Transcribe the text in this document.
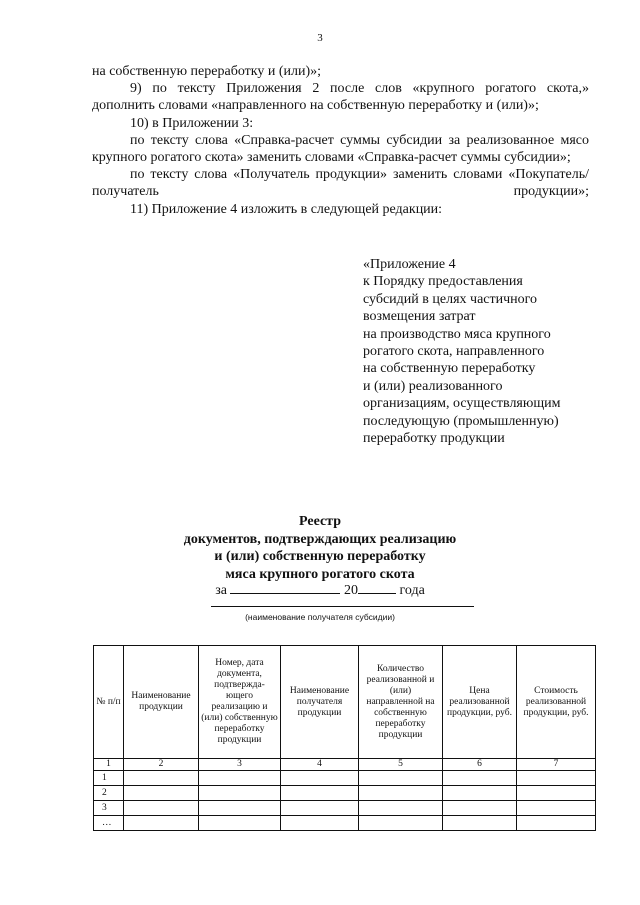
3

на собственную переработку и (или)»;

9) по тексту Приложения 2 после слов «крупного рогатого скота,» дополнить словами «направленного на собственную переработку и (или)»;

10) в Приложении 3:

по тексту слова «Справка-расчет суммы субсидии за реализованное мясо крупного рогатого скота» заменить словами «Справка-расчет суммы субсидии»;

по тексту слова «Получатель продукции» заменить словами «Покупатель/получатель продукции»;

11) Приложение 4 изложить в следующей редакции:

«Приложение 4
к Порядку предоставления
субсидий в целях частичного
возмещения затрат
на производство мяса крупного
рогатого скота, направленного
на собственную переработку
и (или) реализованного
организациям, осуществляющим
последующую (промышленную)
переработку продукции
Реестр
документов, подтверждающих реализацию
и (или) собственную переработку
мяса крупного рогатого скота
за	20	года
(наименование получателя субсидии)
№ п/п	Наименование продукции	Номер, дата документа, подтвержда-ющего реализацию и (или) собственную переработку продукции	Наименование получателя продукции	Количество реализованной и (или) направленной на собственную переработку продукции	Цена реализованной продукции, руб.	Стоимость реализованной продукции, руб.
1	2	3	4	5	6	7
1						
2						
3						
…						
